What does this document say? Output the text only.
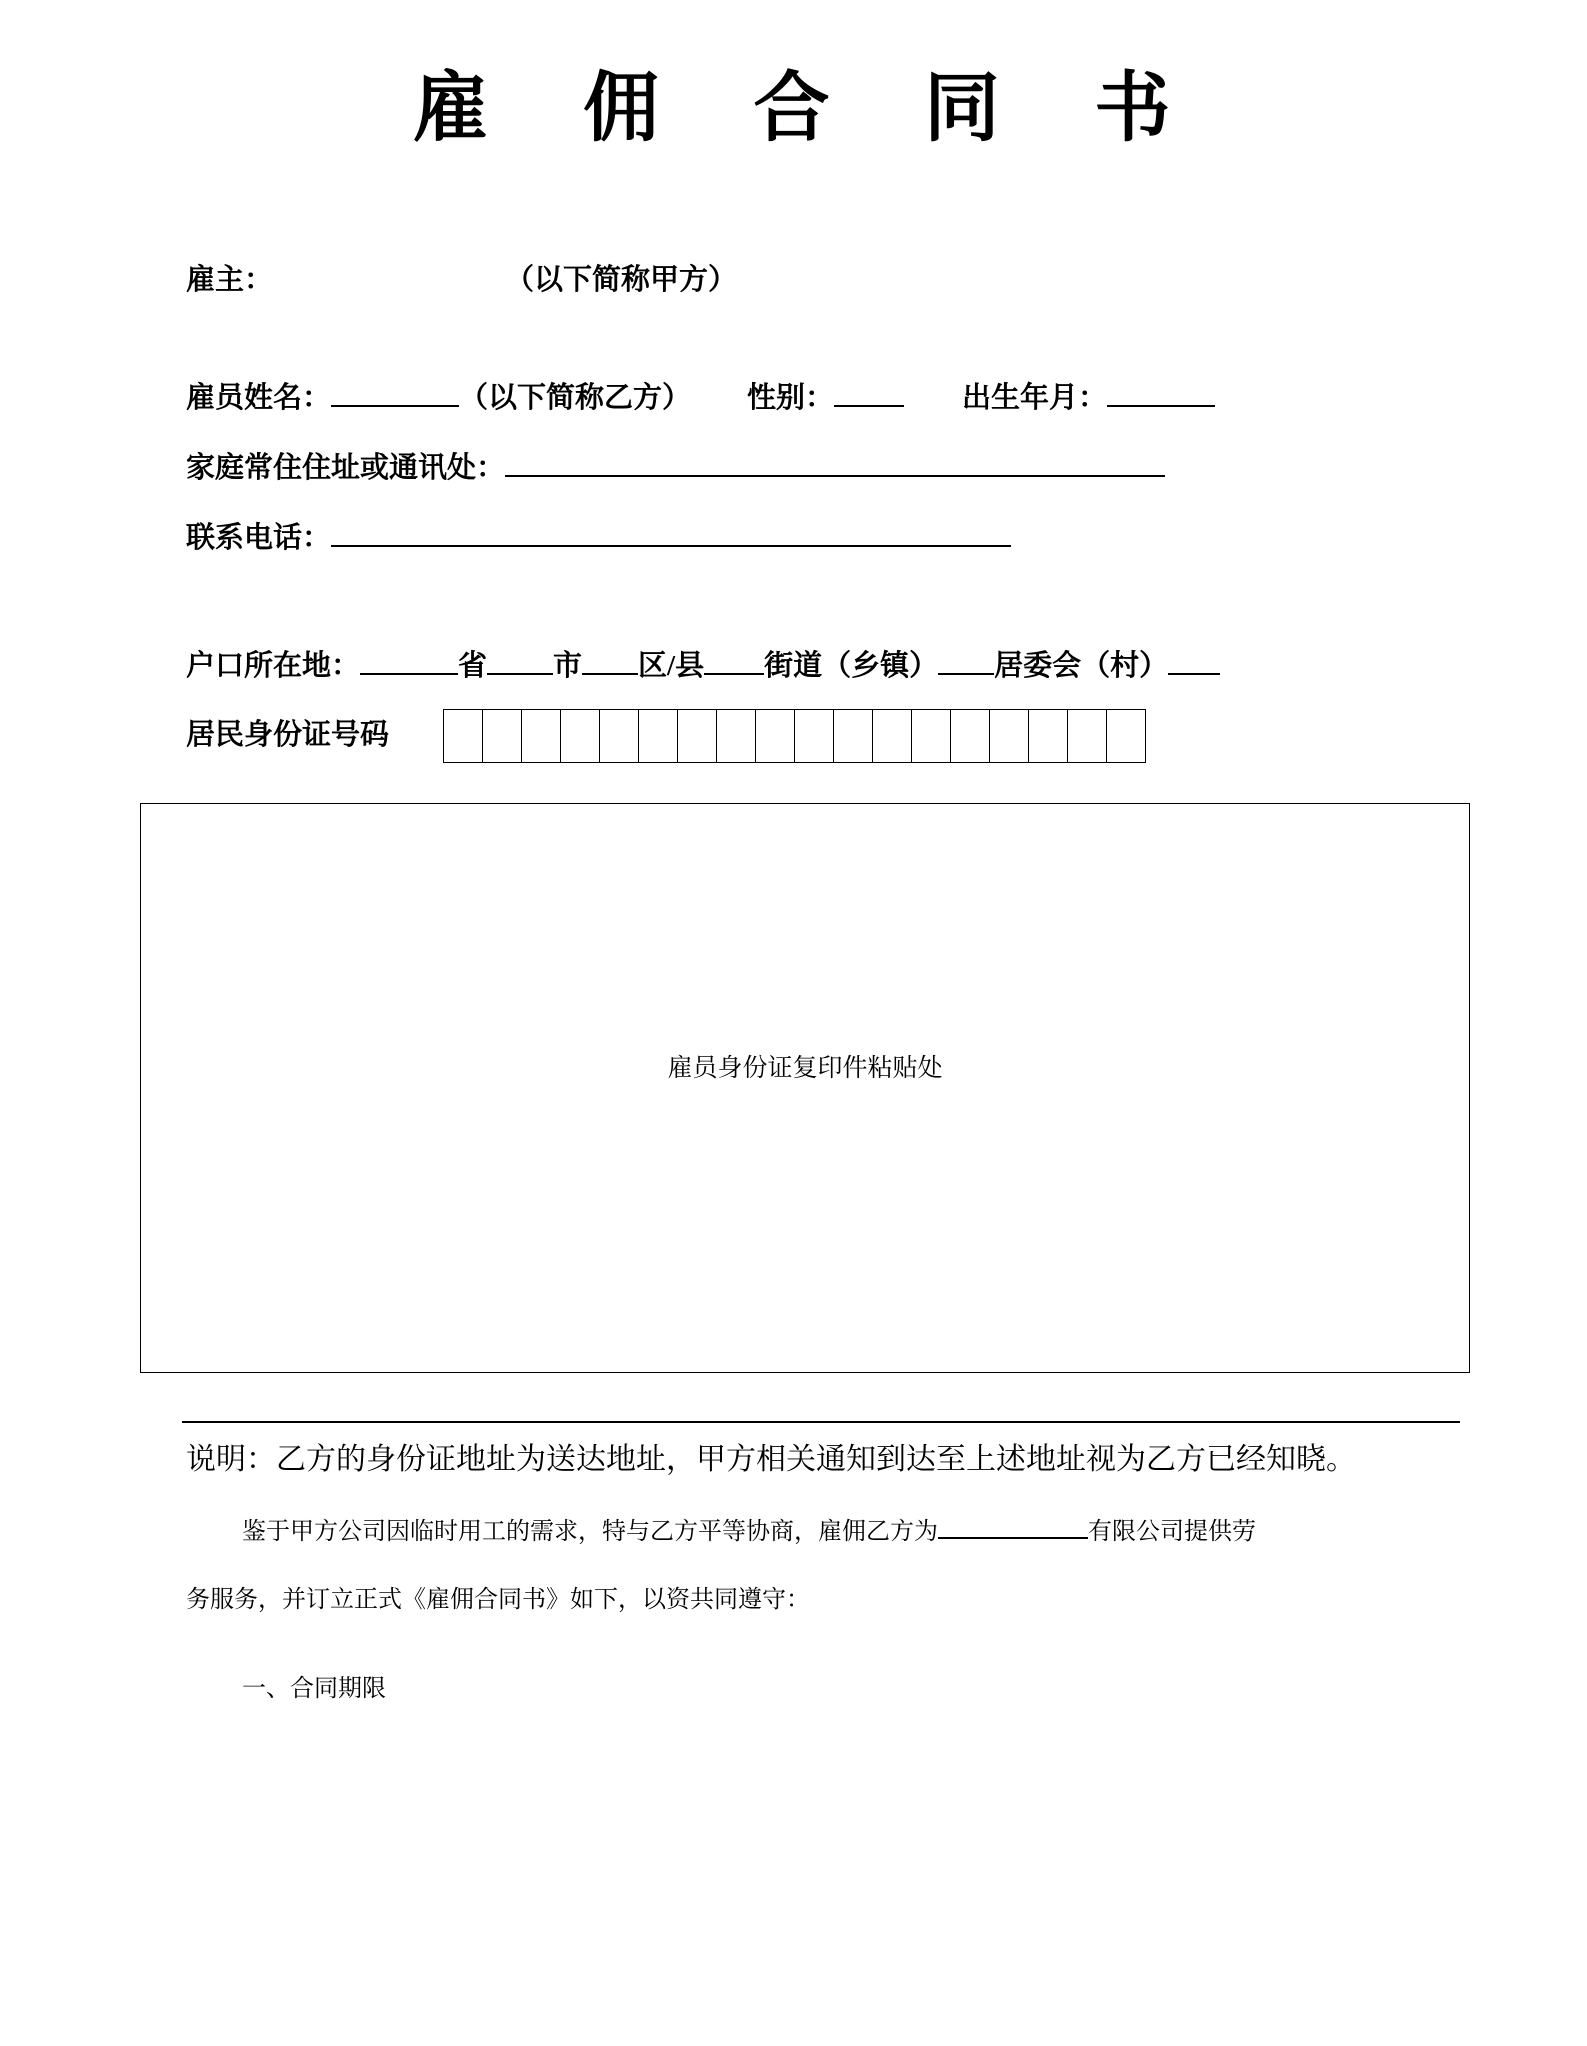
雇 佣 合 同 书
雇主：	（以下简称甲方）
雇员姓名：	（以下简称乙方） 性别：	出生年月：
家庭常住住址或通讯处：
联系电话：
户口所在地：	省 市 区/县 街道（乡镇） 居委会（村）
居民身份证号码
雇员身份证复印件粘贴处
说明：乙方的身份证地址为送达地址，甲方相关通知到达至上述地址视为乙方已经知晓。
鉴于甲方公司因临时用工的需求，特与乙方平等协商，雇佣乙方为	有限公司提供劳
务服务，并订立正式《雇佣合同书》如下，以资共同遵守：
一、合同期限
